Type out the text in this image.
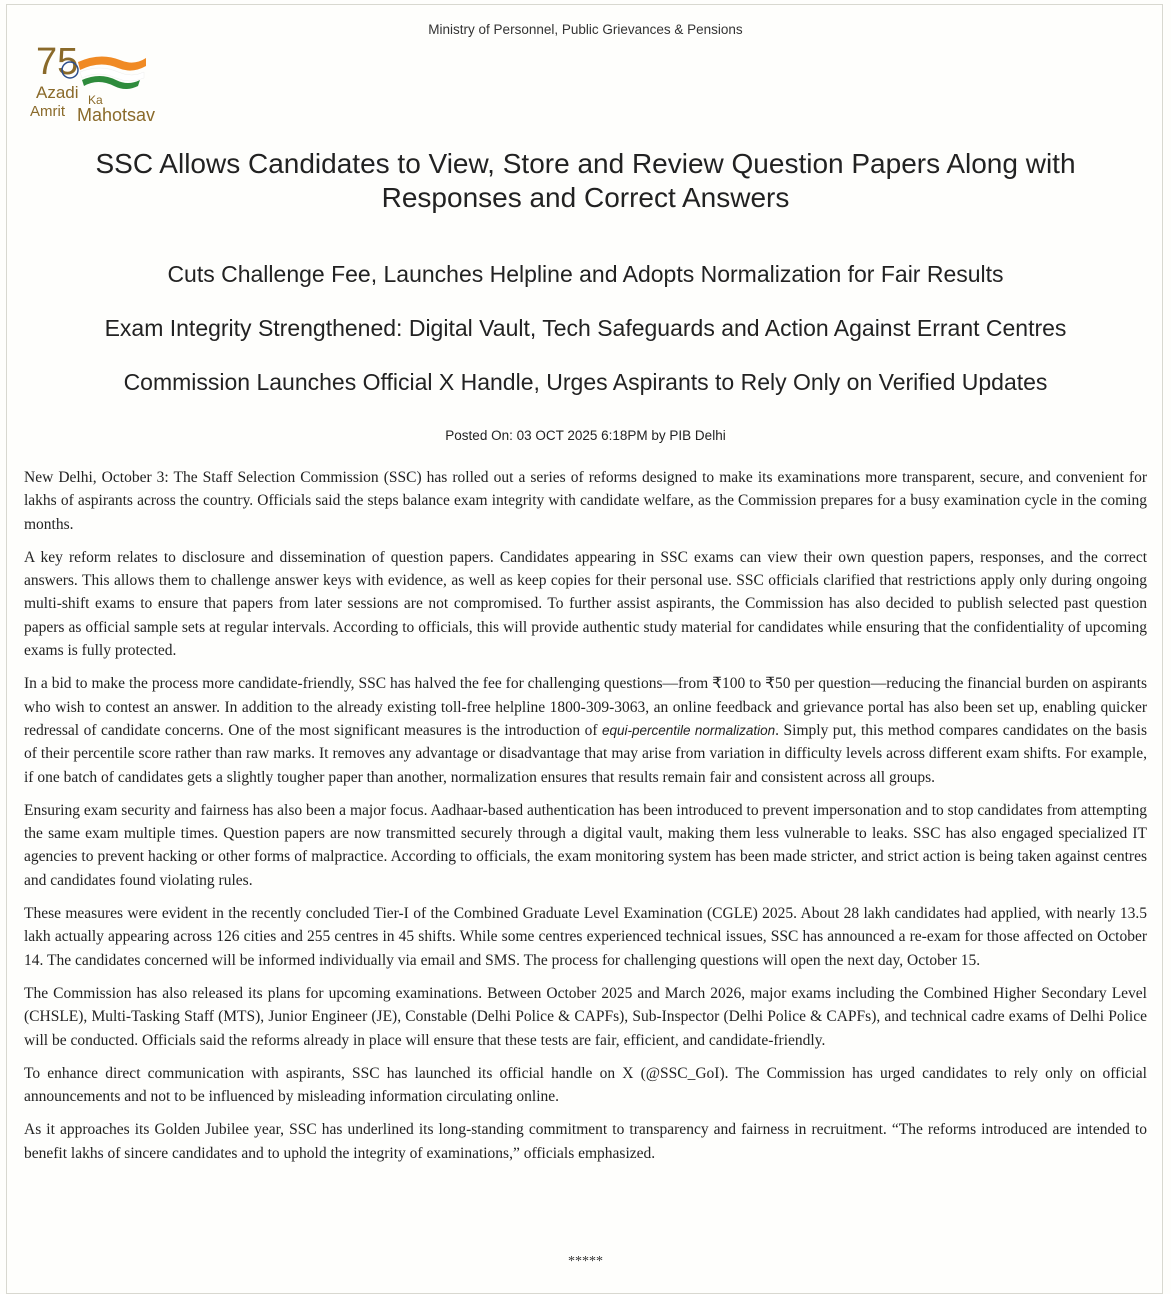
Ministry of Personnel, Public Grievances & Pensions
75
Azadi Ka
Amrit Mahotsav
SSC Allows Candidates to View, Store and Review Question Papers Along with Responses and Correct Answers
Cuts Challenge Fee, Launches Helpline and Adopts Normalization for Fair Results
Exam Integrity Strengthened: Digital Vault, Tech Safeguards and Action Against Errant Centres
Commission Launches Official X Handle, Urges Aspirants to Rely Only on Verified Updates
Posted On: 03 OCT 2025 6:18PM by PIB Delhi

New Delhi, October 3: The Staff Selection Commission (SSC) has rolled out a series of reforms designed to make its examinations more transparent, secure, and convenient for lakhs of aspirants across the country. Officials said the steps balance exam integrity with candidate welfare, as the Commission prepares for a busy examination cycle in the coming months.

A key reform relates to disclosure and dissemination of question papers. Candidates appearing in SSC exams can view their own question papers, responses, and the correct answers. This allows them to challenge answer keys with evidence, as well as keep copies for their personal use. SSC officials clarified that restrictions apply only during ongoing multi-shift exams to ensure that papers from later sessions are not compromised. To further assist aspirants, the Commission has also decided to publish selected past question papers as official sample sets at regular intervals. According to officials, this will provide authentic study material for candidates while ensuring that the confidentiality of upcoming exams is fully protected.

In a bid to make the process more candidate-friendly, SSC has halved the fee for challenging questions—from ₹100 to ₹50 per question—reducing the financial burden on aspirants who wish to contest an answer. In addition to the already existing toll-free helpline 1800-309-3063, an online feedback and grievance portal has also been set up, enabling quicker redressal of candidate concerns. One of the most significant measures is the introduction of equi-percentile normalization. Simply put, this method compares candidates on the basis of their percentile score rather than raw marks. It removes any advantage or disadvantage that may arise from variation in difficulty levels across different exam shifts. For example, if one batch of candidates gets a slightly tougher paper than another, normalization ensures that results remain fair and consistent across all groups.

Ensuring exam security and fairness has also been a major focus. Aadhaar-based authentication has been introduced to prevent impersonation and to stop candidates from attempting the same exam multiple times. Question papers are now transmitted securely through a digital vault, making them less vulnerable to leaks. SSC has also engaged specialized IT agencies to prevent hacking or other forms of malpractice. According to officials, the exam monitoring system has been made stricter, and strict action is being taken against centres and candidates found violating rules.

These measures were evident in the recently concluded Tier-I of the Combined Graduate Level Examination (CGLE) 2025. About 28 lakh candidates had applied, with nearly 13.5 lakh actually appearing across 126 cities and 255 centres in 45 shifts. While some centres experienced technical issues, SSC has announced a re-exam for those affected on October 14. The candidates concerned will be informed individually via email and SMS. The process for challenging questions will open the next day, October 15.

The Commission has also released its plans for upcoming examinations. Between October 2025 and March 2026, major exams including the Combined Higher Secondary Level (CHSLE), Multi-Tasking Staff (MTS), Junior Engineer (JE), Constable (Delhi Police & CAPFs), Sub-Inspector (Delhi Police & CAPFs), and technical cadre exams of Delhi Police will be conducted. Officials said the reforms already in place will ensure that these tests are fair, efficient, and candidate-friendly.

To enhance direct communication with aspirants, SSC has launched its official handle on X (@SSC_GoI). The Commission has urged candidates to rely only on official announcements and not to be influenced by misleading information circulating online.

As it approaches its Golden Jubilee year, SSC has underlined its long-standing commitment to transparency and fairness in recruitment. “The reforms introduced are intended to benefit lakhs of sincere candidates and to uphold the integrity of examinations,” officials emphasized.

*****
